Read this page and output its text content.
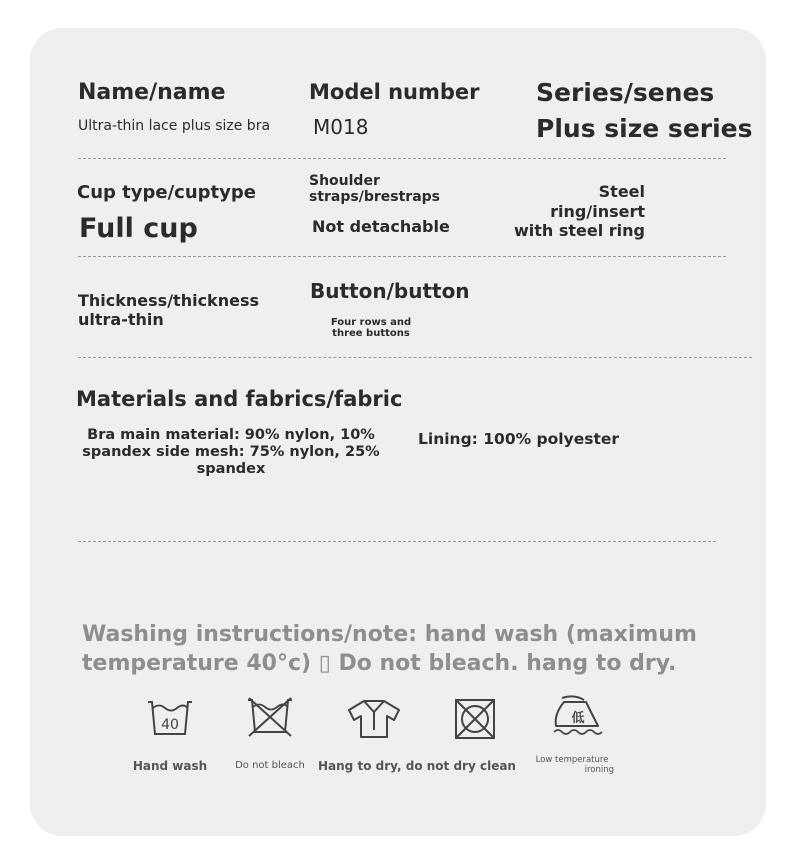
Name/name
Ultra-thin lace plus size bra
Model number
M018
Series/senes
Plus size series
Cup type/cuptype
Full cup
Shoulder
straps/brestraps
Not detachable
Steel
ring/insert
with steel ring
Thickness/thickness
ultra-thin
Button/button
Four rows and
three buttons
Materials and fabrics/fabric
Bra main material: 90% nylon, 10%
spandex side mesh: 75% nylon, 25%
spandex
Lining: 100% polyester
Washing instructions/note: hand wash (maximum
temperature 40°c) ▯ Do not bleach. hang to dry.
40
Hand wash	Do not bleach	Hang to dry, do not dry clean
低
Low temperature
ironing
